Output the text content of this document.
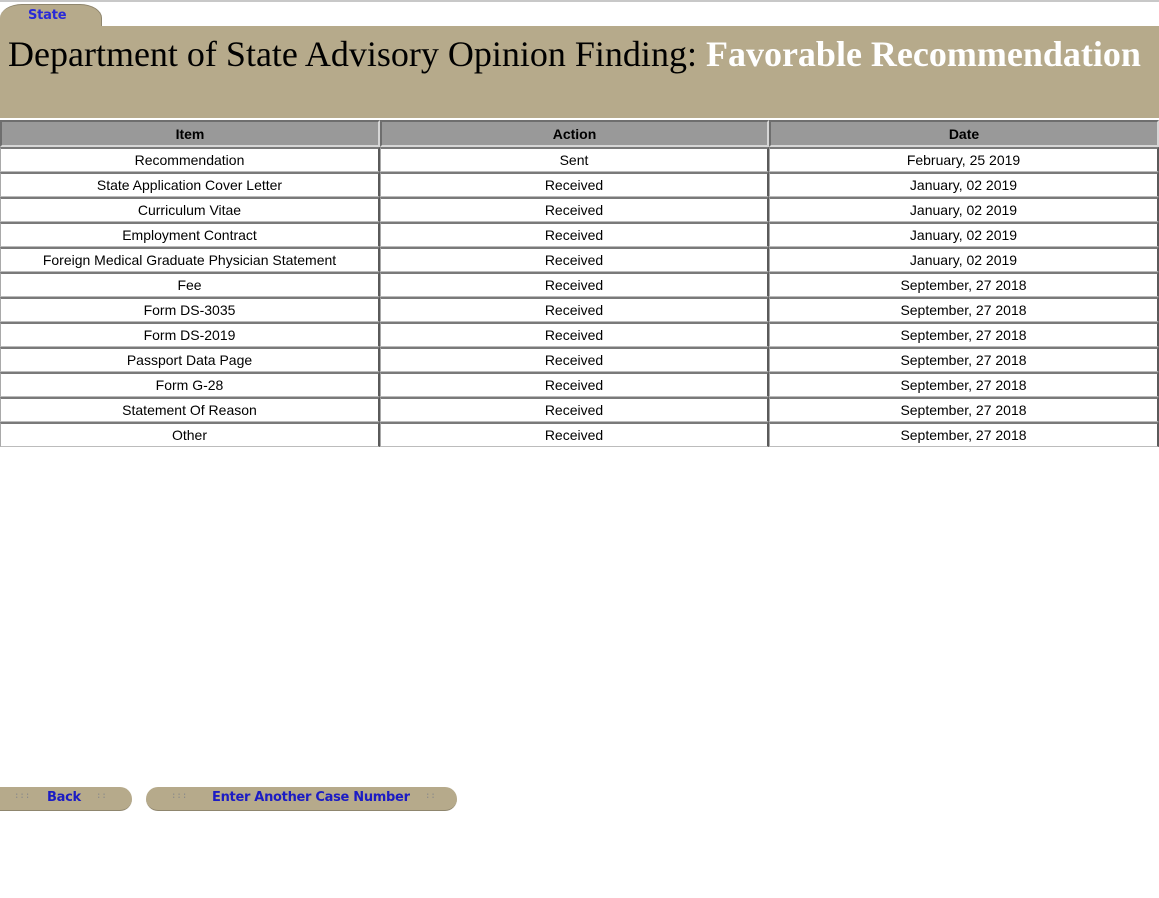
State
Department of State Advisory Opinion Finding: Favorable Recommendation
Item	Action	Date
Recommendation	Sent	February, 25 2019
State Application Cover Letter	Received	January, 02 2019
Curriculum Vitae	Received	January, 02 2019
Employment Contract	Received	January, 02 2019
Foreign Medical Graduate Physician Statement	Received	January, 02 2019
Fee	Received	September, 27 2018
Form DS-3035	Received	September, 27 2018
Form DS-2019	Received	September, 27 2018
Passport Data Page	Received	September, 27 2018
Form G-28	Received	September, 27 2018
Statement Of Reason	Received	September, 27 2018
Other	Received	September, 27 2018
::: Back ::	::: Enter Another Case Number ::
